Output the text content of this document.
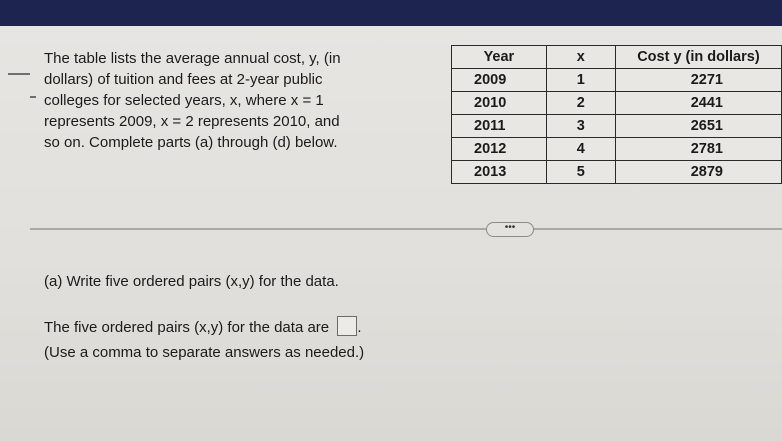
The table lists the average annual cost, y, (in
dollars) of tuition and fees at 2-year public
colleges for selected years, x, where x = 1
represents 2009, x = 2 represents 2010, and
so on. Complete parts (a) through (d) below.
Year	x	Cost y (in dollars)
2009	1	2271
2010	2	2441
2011	3	2651
2012	4	2781
2013	5	2879
•••
(a) Write five ordered pairs (x,y) for the data.
The five ordered pairs (x,y) for the data are .
(Use a comma to separate answers as needed.)
